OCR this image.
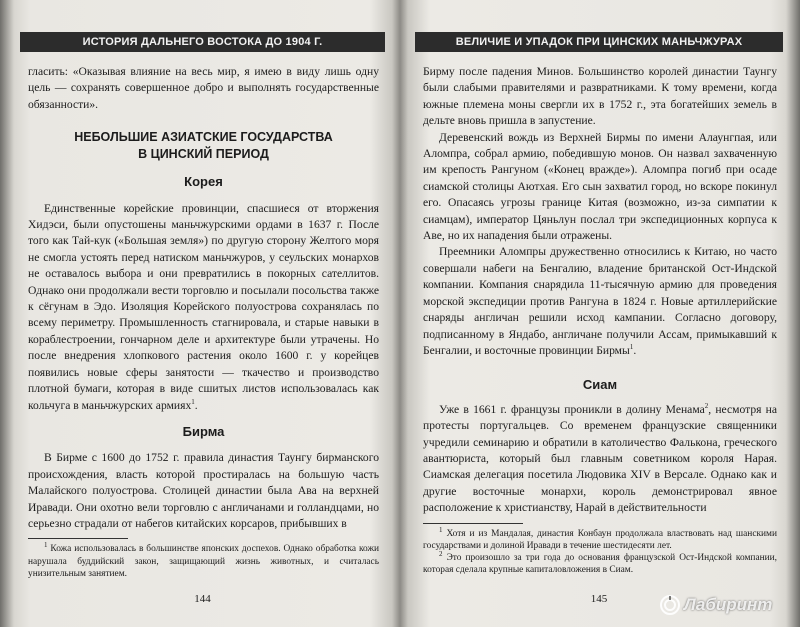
ИСТОРИЯ ДАЛЬНЕГО ВОСТОКА ДО 1904 Г.

гласить: «Оказывая влияние на весь мир, я имею в виду лишь одну цель — сохранять совершенное добро и выполнять государственные обязанности».

НЕБОЛЬШИЕ АЗИАТСКИЕ ГОСУДАРСТВА
В ЦИНСКИЙ ПЕРИОД
Корея

Единственные корейские провинции, спасшиеся от вторжения Хидэси, были опустошены маньчжурскими ордами в 1637 г. После того как Тай-кук («Большая земля») по другую сторону Желтого моря не смогла устоять перед натиском маньчжуров, у сеульских монархов не оставалось выбора и они превратились в покорных сателлитов. Однако они продолжали вести торговлю и посылали посольства также к сёгунам в Эдо. Изоляция Корейского полуострова сохранялась по всему периметру. Промышленность стагнировала, и старые навыки в кораблестроении, гончарном деле и архитектуре были утрачены. Но после внедрения хлопкового растения около 1600 г. у корейцев появились новые сферы занятости — ткачество и производство плотной бумаги, которая в виде сшитых листов использовалась как кольчуга в маньчжурских армиях$^1$.

Бирма

В Бирме с 1600 до 1752 г. правила династия Таунгу бирманского происхождения, власть которой простиралась на большую часть Малайского полуострова. Столицей династии была Ава на верхней Иравади. Они охотно вели торговлю с англичанами и голландцами, но серьезно страдали от набегов китайских корсаров, прибывших в

$^1$ Кожа использовалась в большинстве японских доспехов. Однако обработка кожи нарушала буддийский закон, защищающий жизнь животных, и считалась унизительным занятием.

144
ВЕЛИЧИЕ И УПАДОК ПРИ ЦИНСКИХ МАНЬЧЖУРАХ

Бирму после падения Минов. Большинство королей династии Таунгу были слабыми правителями и развратниками. К тому времени, когда южные племена моны свергли их в 1752 г., эта богатейших земель в дельте вновь пришла в запустение.

Деревенский вождь из Верхней Бирмы по имени Алаунгпая, или Аломпра, собрал армию, победившую монов. Он назвал захваченную им крепость Рангуном («Конец вражде»). Аломпра погиб при осаде сиамской столицы Аютхая. Его сын захватил город, но вскоре покинул его. Опасаясь угрозы границе Китая (возможно, из-за симпатии к сиамцам), император Цяньлун послал три экспедиционных корпуса к Аве, но их нападения были отражены.

Преемники Аломпры дружественно относились к Китаю, но часто совершали набеги на Бенгалию, владение британской Ост-Индской компании. Компания снарядила 11-тысячную армию для проведения морской экспедиции против Рангуна в 1824 г. Новые артиллерийские снаряды англичан решили исход кампании. Согласно договору, подписанному в Яндабо, англичане получили Ассам, примыкавший к Бенгалии, и восточные провинции Бирмы$^1$.

Сиам

Уже в 1661 г. французы проникли в долину Менама$^2$, несмотря на протесты португальцев. Со временем французские священники учредили семинарию и обратили в католичество Фалькона, греческого авантюриста, который был главным советником короля Нарая. Сиамская делегация посетила Людовика XIV в Версале. Однако как и другие восточные монархи, король демонстрировал явное расположение к христианству, Нарай в действительности

$^1$ Хотя и из Мандалая, династия Конбаун продолжала властвовать над шанскими государствами и долиной Иравади в течение шестидесяти лет.

$^2$ Это произошло за три года до основания французской Ост-Индской компании, которая сделала крупные капиталовложения в Сиам.

145	Лабиринт
